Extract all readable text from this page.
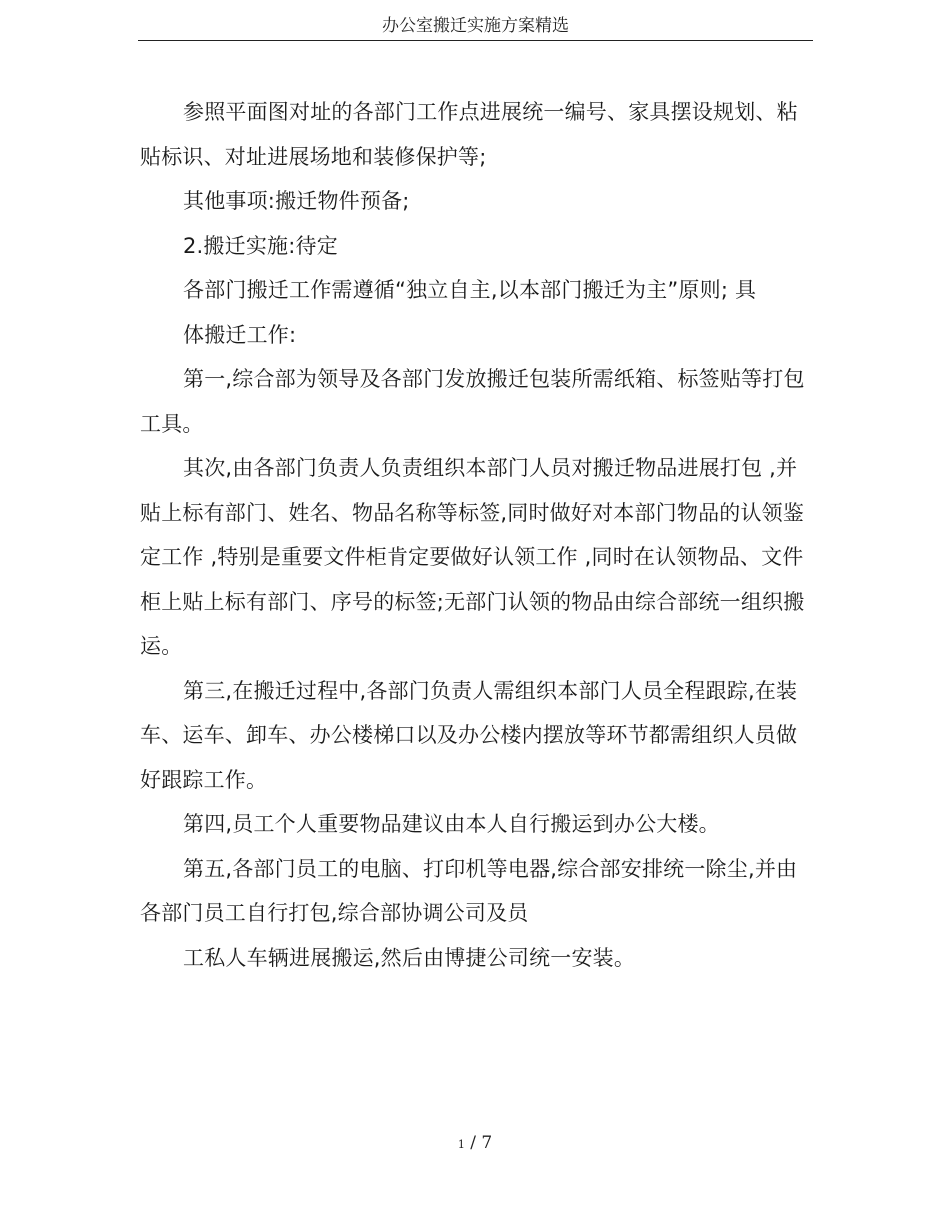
办公室搬迁实施方案精选

参照平面图对址的各部门工作点进展统一编号、家具摆设规划、粘贴标识、对址进展场地和装修保护等;

其他事项:搬迁物件预备;

2.搬迁实施:待定

各部门搬迁工作需遵循“独立自主,以本部门搬迁为主”原则; 具

体搬迁工作:

第一,综合部为领导及各部门发放搬迁包装所需纸箱、标签贴等打包工具。

其次,由各部门负责人负责组织本部门人员对搬迁物品进展打包 ,并贴上标有部门、姓名、物品名称等标签,同时做好对本部门物品的认领鉴定工作 ,特别是重要文件柜肯定要做好认领工作 ,同时在认领物品、文件柜上贴上标有部门、序号的标签;无部门认领的物品由综合部统一组织搬运。

第三,在搬迁过程中,各部门负责人需组织本部门人员全程跟踪,在装车、运车、卸车、办公楼梯口以及办公楼内摆放等环节都需组织人员做好跟踪工作。

第四,员工个人重要物品建议由本人自行搬运到办公大楼。

第五,各部门员工的电脑、打印机等电器,综合部安排统一除尘,并由各部门员工自行打包,综合部协调公司及员

工私人车辆进展搬运,然后由博捷公司统一安装。

1 / 7
